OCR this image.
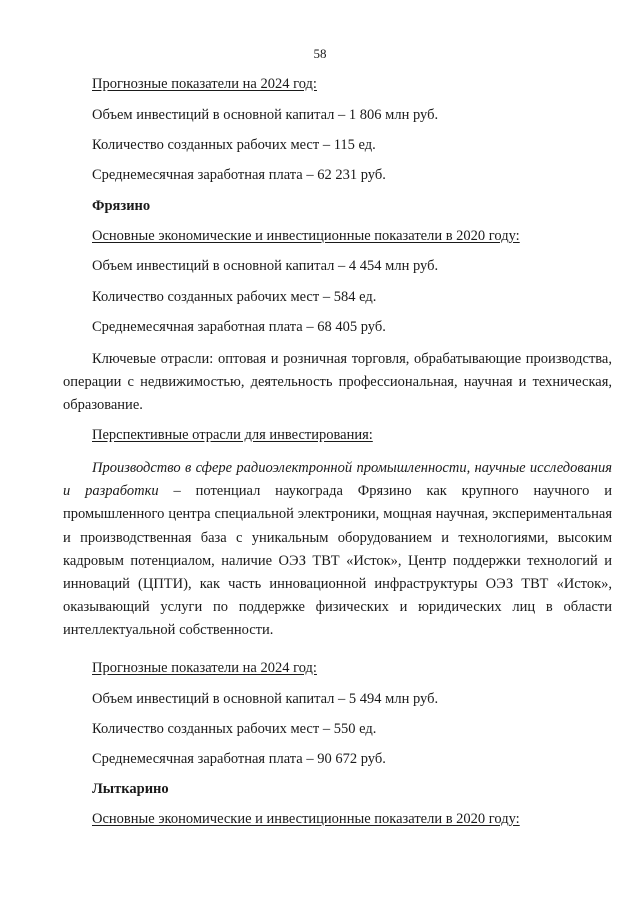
58
Прогнозные показатели на 2024 год:
Объем инвестиций в основной капитал – 1 806 млн руб.
Количество созданных рабочих мест – 115 ед.
Среднемесячная заработная плата – 62 231 руб.
Фрязино
Основные экономические и инвестиционные показатели в 2020 году:
Объем инвестиций в основной капитал – 4 454 млн руб.
Количество созданных рабочих мест – 584 ед.
Среднемесячная заработная плата – 68 405 руб.
Ключевые отрасли: оптовая и розничная торговля, обрабатывающие производства, операции с недвижимостью, деятельность профессиональная, научная и техническая, образование.
Перспективные отрасли для инвестирования:
Производство в сфере радиоэлектронной промышленности, научные исследования и разработки – потенциал наукограда Фрязино как крупного научного и промышленного центра специальной электроники, мощная научная, экспериментальная и производственная база с уникальным оборудованием и технологиями, высоким кадровым потенциалом, наличие ОЭЗ ТВТ «Исток», Центр поддержки технологий и инноваций (ЦПТИ), как часть инновационной инфраструктуры ОЭЗ ТВТ «Исток», оказывающий услуги по поддержке физических и юридических лиц в области интеллектуальной собственности.
Прогнозные показатели на 2024 год:
Объем инвестиций в основной капитал – 5 494 млн руб.
Количество созданных рабочих мест – 550 ед.
Среднемесячная заработная плата – 90 672 руб.
Лыткарино
Основные экономические и инвестиционные показатели в 2020 году:
